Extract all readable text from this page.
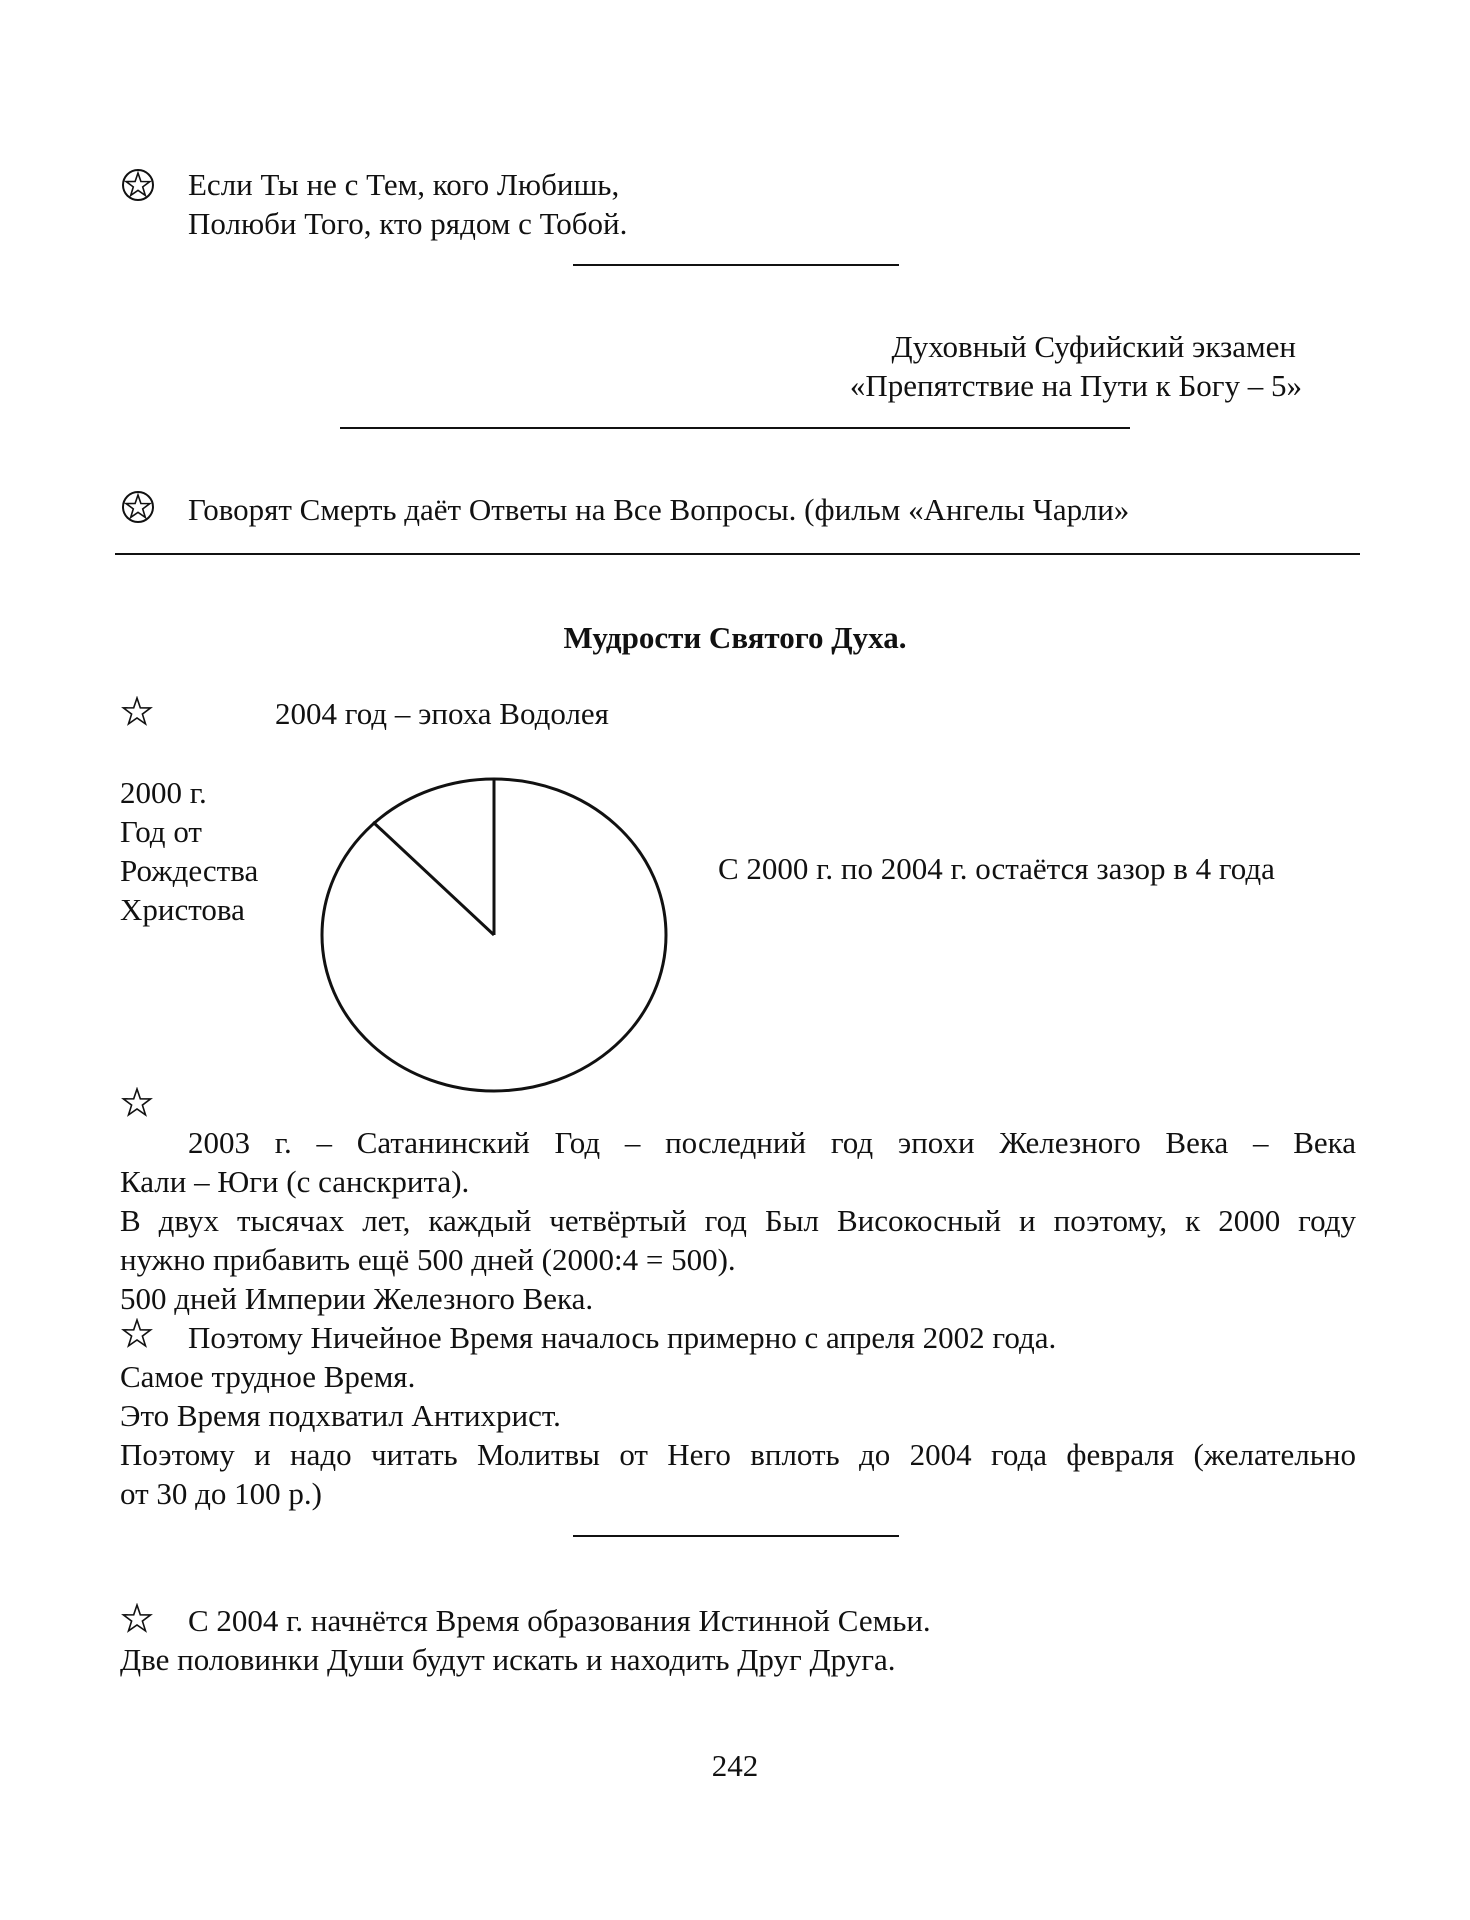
Если Ты не с Тем, кого Любишь,
Полюби Того, кто рядом с Тобой.
Духовный Суфийский экзамен
«Препятствие на Пути к Богу – 5»
Говорят Смерть даёт Ответы на Все Вопросы. (фильм «Ангелы Чарли»
Мудрости Святого Духа.
2004 год – эпоха Водолея
2000 г.
Год от
Рождества
Христова
С 2000 г. по 2004 г. остаётся зазор в 4 года
2003 г. – Сатанинский Год – последний год эпохи Железного Века – Века
Кали – Юги (с санскрита).
В двух тысячах лет, каждый четвёртый год Был Високосный и поэтому, к 2000 году
нужно прибавить ещё 500 дней (2000:4 = 500).
500 дней Империи Железного Века.
Поэтому Ничейное Время началось примерно с апреля 2002 года.
Самое трудное Время.
Это Время подхватил Антихрист.
Поэтому и надо читать Молитвы от Него вплоть до 2004 года февраля (желательно
от 30 до 100 р.)
С 2004 г. начнётся Время образования Истинной Семьи.
Две половинки Души будут искать и находить Друг Друга.
242
